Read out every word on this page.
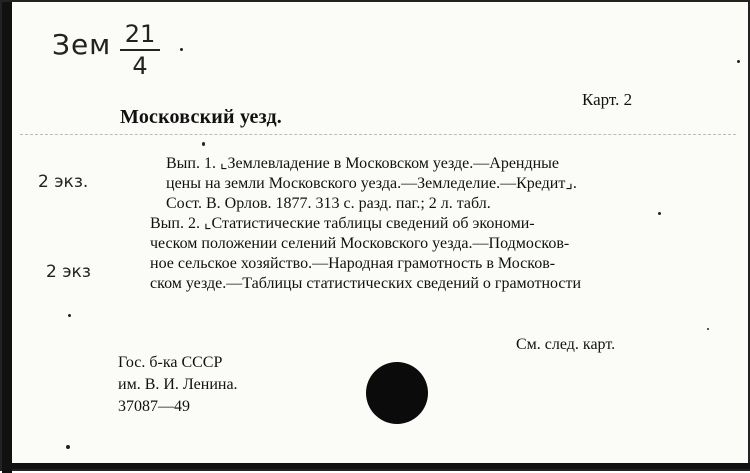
Зем 21
4
Карт. 2
Московский уезд.

Вып. 1. ⌞Землевладение в Московском уезде.—Арендные
цены на земли Московского уезда.—Земледелие.—Кредит⌟.
Сост. В. Орлов. 1877. 313 с. разд. паг.; 2 л. табл.

Вып. 2. ⌞Статистические таблицы сведений об экономи-
ческом положении селений Московского уезда.—Подмосков-
ное сельское хозяйство.—Народная грамотность в Москов-
ском уезде.—Таблицы статистических сведений о грамотности

2 экз.
2 экз
См. след. карт.
Гос. б-ка СССР
им. В. И. Ленина.
37087—49
